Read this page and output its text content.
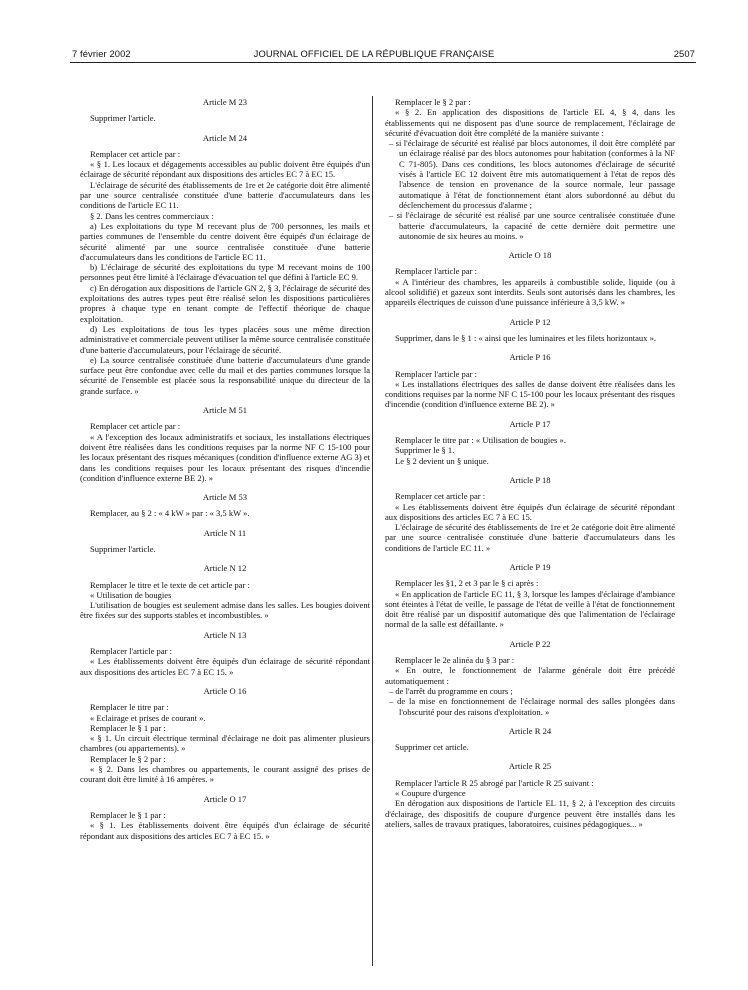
7 février 2002	JOURNAL OFFICIEL DE LA RÉPUBLIQUE FRANÇAISE	2507
Article M 23

Supprimer l'article.

Article M 24

Remplacer cet article par :

« § 1. Les locaux et dégagements accessibles au public doivent être équipés d'un éclairage de sécurité répondant aux dispositions des articles EC 7 à EC 15.

L'éclairage de sécurité des établissements de 1re et 2e catégorie doit être alimenté par une source centralisée constituée d'une batterie d'accumulateurs dans les conditions de l'article EC 11.

§ 2. Dans les centres commerciaux :

a) Les exploitations du type M recevant plus de 700 personnes, les mails et parties communes de l'ensemble du centre doivent être équipés d'un éclairage de sécurité alimenté par une source centralisée constituée d'une batterie d'accumulateurs dans les conditions de l'article EC 11.

b) L'éclairage de sécurité des exploitations du type M recevant moins de 100 personnes peut être limité à l'éclairage d'évacuation tel que défini à l'article EC 9.

c) En dérogation aux dispositions de l'article GN 2, § 3, l'éclairage de sécurité des exploitations des autres types peut être réalisé selon les dispositions particulières propres à chaque type en tenant compte de l'effectif théorique de chaque exploitation.

d) Les exploitations de tous les types placées sous une même direction administrative et commerciale peuvent utiliser la même source centralisée constituée d'une batterie d'accumulateurs, pour l'éclairage de sécurité.

e) La source centralisée constituée d'une batterie d'accumulateurs d'une grande surface peut être confondue avec celle du mail et des parties communes lorsque la sécurité de l'ensemble est placée sous la responsabilité unique du directeur de la grande surface. »

Article M 51

Remplacer cet article par :

« A l'exception des locaux administratifs et sociaux, les installations électriques doivent être réalisées dans les conditions requises par la norme NF C 15-100 pour les locaux présentant des risques mécaniques (condition d'influence externe AG 3) et dans les conditions requises pour les locaux présentant des risques d'incendie (condition d'influence externe BE 2). »

Article M 53

Remplacer, au § 2 : « 4 kW » par : « 3,5 kW ».

Article N 11

Supprimer l'article.

Article N 12

Remplacer le titre et le texte de cet article par :

« Utilisation de bougies

L'utilisation de bougies est seulement admise dans les salles. Les bougies doivent être fixées sur des supports stables et incombustibles. »

Article N 13

Remplacer l'article par :

« Les établissements doivent être équipés d'un éclairage de sécurité répondant aux dispositions des articles EC 7 à EC 15. »

Article O 16

Remplacer le titre par :

« Eclairage et prises de courant ».

Remplacer le § 1 par :

« § 1. Un circuit électrique terminal d'éclairage ne doit pas alimenter plusieurs chambres (ou appartements). »

Remplacer le § 2 par :

« § 2. Dans les chambres ou appartements, le courant assigné des prises de courant doit être limité à 16 ampères. »

Article O 17

Remplacer le § 1 par :

« § 1. Les établissements doivent être équipés d'un éclairage de sécurité répondant aux dispositions des articles EC 7 à EC 15. »

Remplacer le § 2 par :

« § 2. En application des dispositions de l'article EL 4, § 4, dans les établissements qui ne disposent pas d'une source de remplacement, l'éclairage de sécurité d'évacuation doit être complété de la manière suivante :

– si l'éclairage de sécurité est réalisé par blocs autonomes, il doit être complété par un éclairage réalisé par des blocs autonomes pour habitation (conformes à la NF C 71-805). Dans ces conditions, les blocs autonomes d'éclairage de sécurité visés à l'article EC 12 doivent être mis automatiquement à l'état de repos dès l'absence de tension en provenance de la source normale, leur passage automatique à l'état de fonctionnement étant alors subordonné au début du déclenchement du processus d'alarme ;

– si l'éclairage de sécurité est réalisé par une source centralisée constituée d'une batterie d'accumulateurs, la capacité de cette dernière doit permettre une autonomie de six heures au moins. »

Article O 18

Remplacer l'article par :

« A l'intérieur des chambres, les appareils à combustible solide, liquide (ou à alcool solidifié) et gazeux sont interdits. Seuls sont autorisés dans les chambres, les appareils électriques de cuisson d'une puissance inférieure à 3,5 kW. »

Article P 12

Supprimer, dans le § 1 : « ainsi que les luminaires et les filets horizontaux ».

Article P 16

Remplacer l'article par :

« Les installations électriques des salles de danse doivent être réalisées dans les conditions requises par la norme NF C 15-100 pour les locaux présentant des risques d'incendie (condition d'influence externe BE 2). »

Article P 17

Remplacer le titre par : « Utilisation de bougies ».

Supprimer le § 1.

Le § 2 devient un § unique.

Article P 18

Remplacer cet article par :

« Les établissements doivent être équipés d'un éclairage de sécurité répondant aux dispositions des articles EC 7 à EC 15.

L'éclairage de sécurité des établissements de 1re et 2e catégorie doit être alimenté par une source centralisée constituée d'une batterie d'accumulateurs dans les conditions de l'article EC 11. »

Article P 19

Remplacer les §1, 2 et 3 par le § ci après :

« En application de l'article EC 11, § 3, lorsque les lampes d'éclairage d'ambiance sont éteintes à l'état de veille, le passage de l'état de veille à l'état de fonctionnement doit être réalisé par un dispositif automatique dès que l'alimentation de l'éclairage normal de la salle est défaillante. »

Article P 22

Remplacer le 2e alinéa du § 3 par :

« En outre, le fonctionnement de l'alarme générale doit être précédé automatiquement :

– de l'arrêt du programme en cours ;

– de la mise en fonctionnement de l'éclairage normal des salles plongées dans l'obscurité pour des raisons d'exploitation. »

Article R 24

Supprimer cet article.

Article R 25

Remplacer l'article R 25 abrogé par l'article R 25 suivant :

« Coupure d'urgence

En dérogation aux dispositions de l'article EL 11, § 2, à l'exception des circuits d'éclairage, des dispositifs de coupure d'urgence peuvent être installés dans les ateliers, salles de travaux pratiques, laboratoires, cuisines pédagogiques... »
